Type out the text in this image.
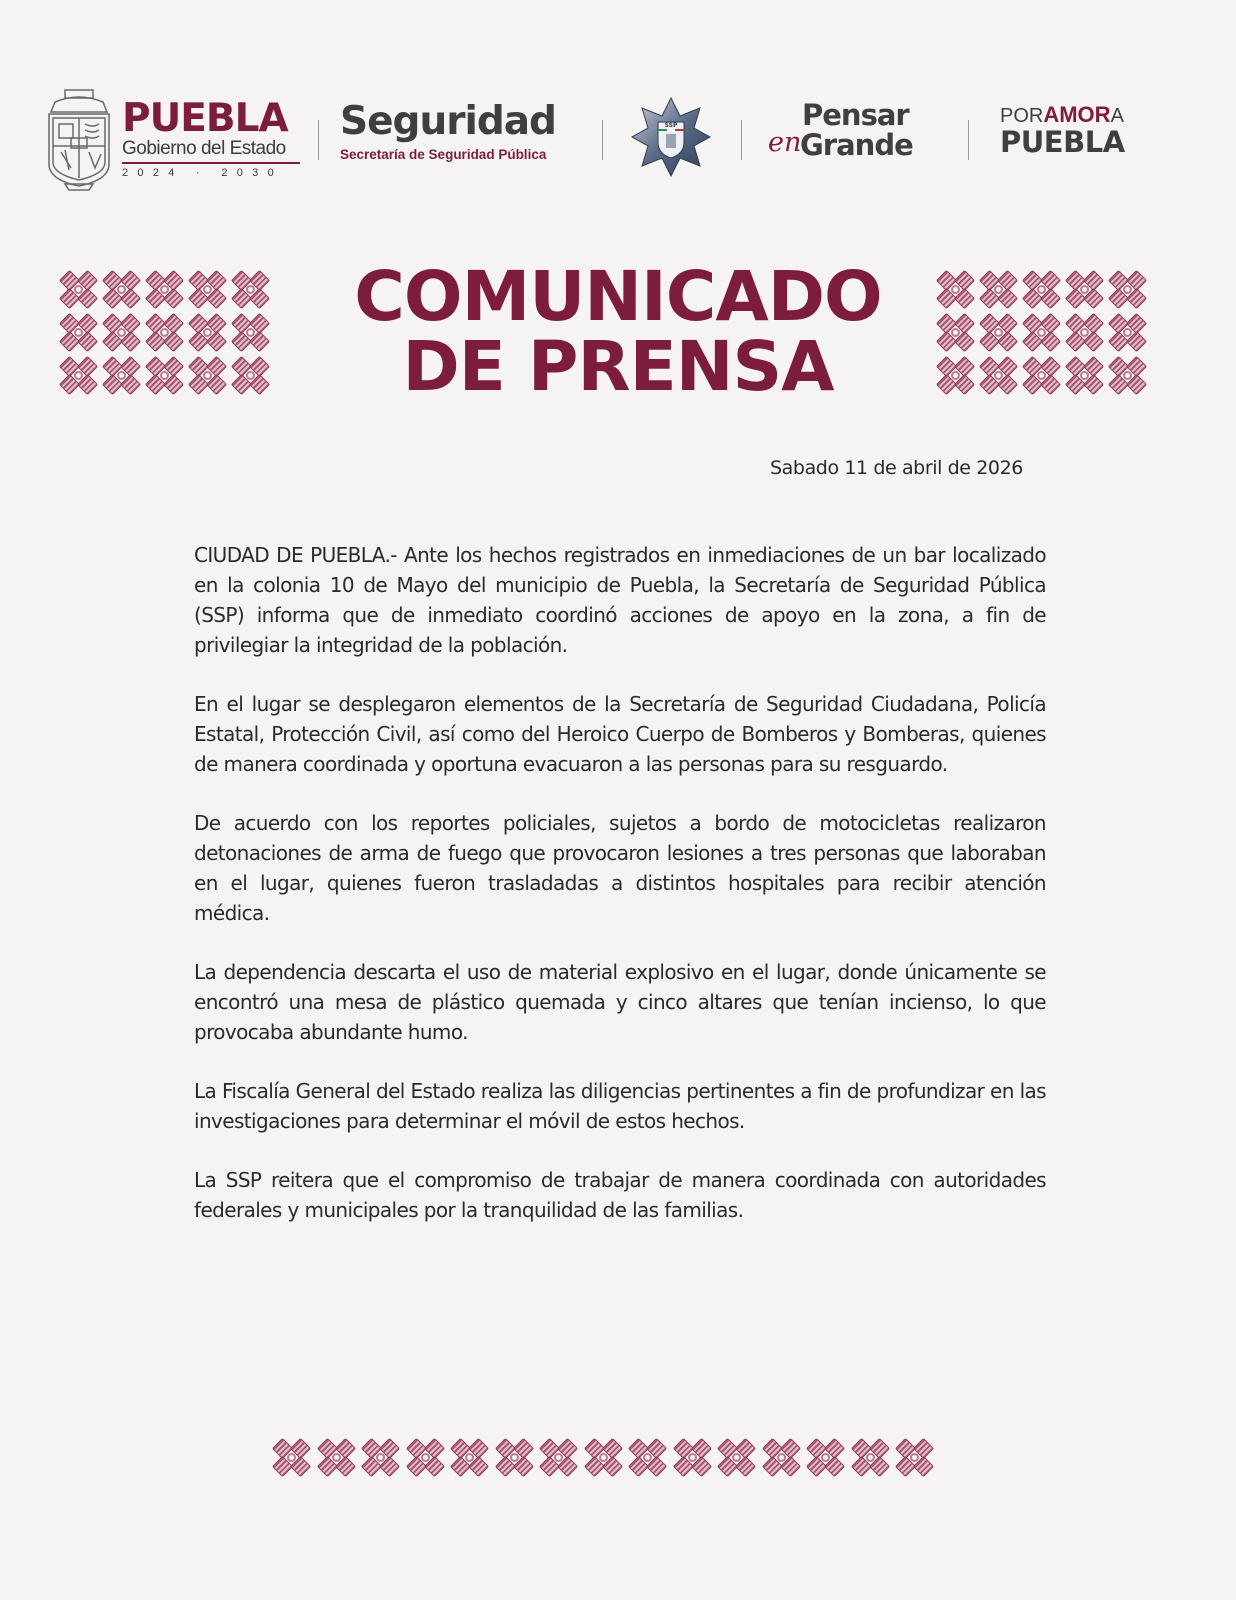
PUEBLA
Gobierno del Estado
2024 · 2030
Seguridad
Secretaría de Seguridad Pública
SSP	Pensar
en
Grande
PORAMORA
PUEBLA
COMUNICADO
DE PRENSA
Sabado 11 de abril de 2026

CIUDAD DE PUEBLA.- Ante los hechos registrados en inmediaciones de un bar localizado en la colonia 10 de Mayo del municipio de Puebla, la Secretaría de Seguridad Pública (SSP) informa que de inmediato coordinó acciones de apoyo en la zona, a fin de privilegiar la integridad de la población.

En el lugar se desplegaron elementos de la Secretaría de Seguridad Ciudadana, Policía Estatal, Protección Civil, así como del Heroico Cuerpo de Bomberos y Bomberas, quienes de manera coordinada y oportuna evacuaron a las personas para su resguardo.

De acuerdo con los reportes policiales, sujetos a bordo de motocicletas realizaron detonaciones de arma de fuego que provocaron lesiones a tres personas que laboraban en el lugar, quienes fueron trasladadas a distintos hospitales para recibir atención médica.

La dependencia descarta el uso de material explosivo en el lugar, donde únicamente se encontró una mesa de plástico quemada y cinco altares que tenían incienso, lo que provocaba abundante humo.

La Fiscalía General del Estado realiza las diligencias pertinentes a fin de profundizar en las investigaciones para determinar el móvil de estos hechos.

La SSP reitera que el compromiso de trabajar de manera coordinada con autoridades federales y municipales por la tranquilidad de las familias.
